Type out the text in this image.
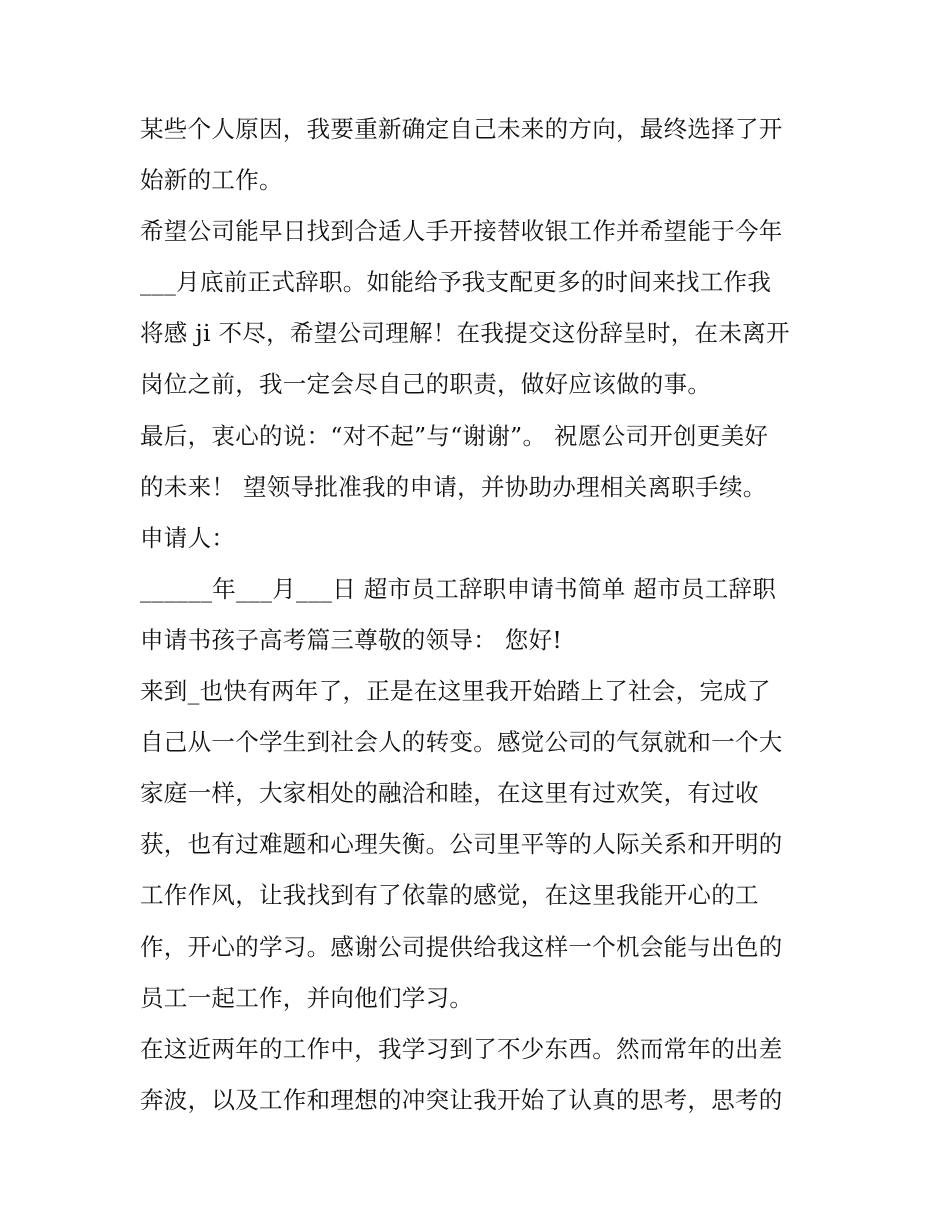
某些个人原因，我要重新确定自己未来的方向，最终选择了开
始新的工作。
希望公司能早日找到合适人手开接替收银工作并希望能于今年
___月底前正式辞职。如能给予我支配更多的时间来找工作我
将感 ji 不尽，希望公司理解！在我提交这份辞呈时，在未离开
岗位之前，我一定会尽自己的职责，做好应该做的事。
最后，衷心的说：“对不起”与“谢谢”。 祝愿公司开创更美好
的未来！ 望领导批准我的申请，并协助办理相关离职手续。
申请人：
______年___月___日 超市员工辞职申请书简单 超市员工辞职
申请书孩子高考篇三尊敬的领导： 您好!
来到_也快有两年了，正是在这里我开始踏上了社会，完成了
自己从一个学生到社会人的转变。感觉公司的气氛就和一个大
家庭一样，大家相处的融洽和睦，在这里有过欢笑，有过收
获，也有过难题和心理失衡。公司里平等的人际关系和开明的
工作作风，让我找到有了依靠的感觉，在这里我能开心的工
作，开心的学习。感谢公司提供给我这样一个机会能与出色的
员工一起工作，并向他们学习。
在这近两年的工作中，我学习到了不少东西。然而常年的出差
奔波，以及工作和理想的冲突让我开始了认真的思考，思考的
